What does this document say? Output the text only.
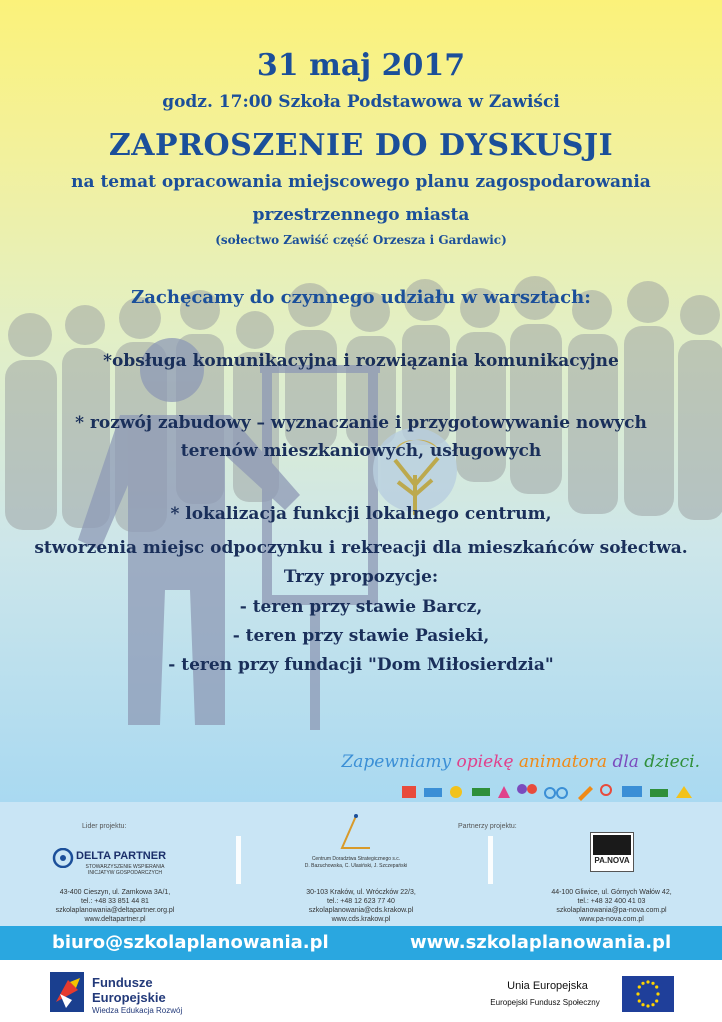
31 maj 2017

godz. 17:00 Szkoła Podstawowa w Zawiści

ZAPROSZENIE DO DYSKUSJI

na temat opracowania miejscowego planu zagospodarowania

przestrzennego miasta

(sołectwo Zawiść część Orzesza i Gardawic)

Zachęcamy do czynnego udziału w warsztach:

*obsługa komunikacyjna i rozwiązania komunikacyjne

* rozwój zabudowy – wyznaczanie i przygotowywanie nowych

terenów mieszkaniowych, usługowych

* lokalizacja funkcji lokalnego centrum,

stworzenia miejsc odpoczynku i rekreacji dla mieszkańców sołectwa.

Trzy propozycje:

- teren przy stawie Barcz,

- teren przy stawie Pasieki,

- teren przy fundacji "Dom Miłosierdzia"

Zapewniamy opiekę animatora dla dzieci.
Lider projektu:	Partnerzy projektu:
DELTA PARTNER
STOWARZYSZENIE WSPIERANIA
INICJATYW GOSPODARCZYCH
43-400 Cieszyn, ul. Zamkowa 3A/1,
tel.: +48 33 851 44 81
szkolaplanowania@deltapartner.org.pl
www.deltapartner.pl
Centrum Doradztwa Strategicznego s.c.
D. Bazuchowska, C. Ulasiński, J. Szczepański
30-103 Kraków, ul. Wróczków 22/3,
tel.: +48 12 623 77 40
szkolaplanowania@cds.krakow.pl
www.cds.krakow.pl
PA.NOVA
44-100 Gliwice, ul. Górnych Wałów 42,
tel.: +48 32 400 41 03
szkolaplanowania@pa-nova.com.pl
www.pa-nova.com.pl
biuro@szkolaplanowania.pl	www.szkolaplanowania.pl
Fundusze
Europejskie
Wiedza Edukacja Rozwój
Unia Europejska
Europejski Fundusz Społeczny
